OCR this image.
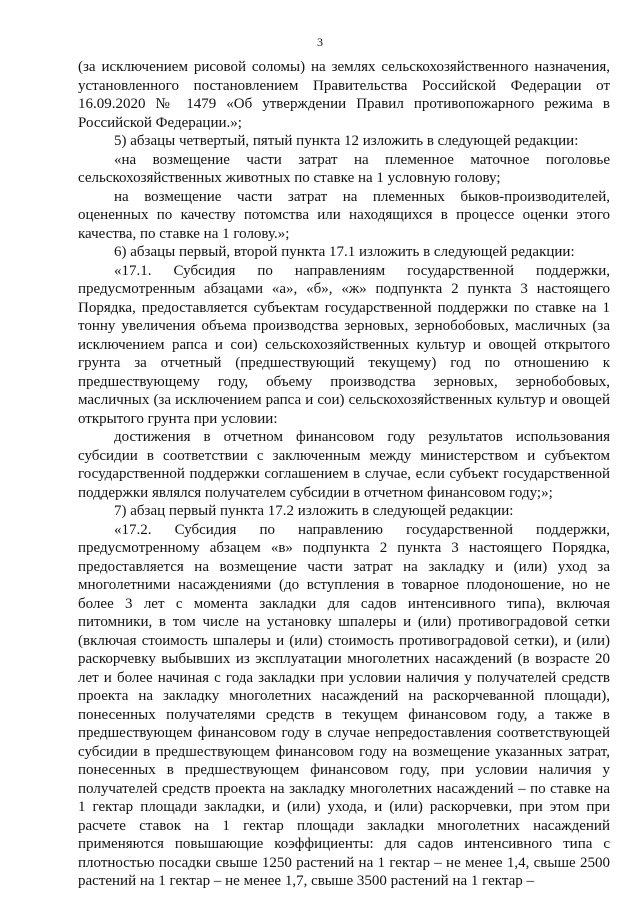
3

(за исключением рисовой соломы) на землях сельскохозяйственного назначения, установленного постановлением Правительства Российской Федерации от 16.09.2020 № 1479 «Об утверждении Правил противопожарного режима в Российской Федерации.»;

5) абзацы четвертый, пятый пункта 12 изложить в следующей редакции:

«на возмещение части затрат на племенное маточное поголовье сельскохозяйственных животных по ставке на 1 условную голову;

на возмещение части затрат на племенных быков-производителей, оцененных по качеству потомства или находящихся в процессе оценки этого качества, по ставке на 1 голову.»;

6) абзацы первый, второй пункта 17.1 изложить в следующей редакции:

«17.1. Субсидия по направлениям государственной поддержки, предусмотренным абзацами «а», «б», «ж» подпункта 2 пункта 3 настоящего Порядка, предоставляется субъектам государственной поддержки по ставке на 1 тонну увеличения объема производства зерновых, зернобобовых, масличных (за исключением рапса и сои) сельскохозяйственных культур и овощей открытого грунта за отчетный (предшествующий текущему) год по отношению к предшествующему году, объему производства зерновых, зернобобовых, масличных (за исключением рапса и сои) сельскохозяйственных культур и овощей открытого грунта при условии:

достижения в отчетном финансовом году результатов использования субсидии в соответствии с заключенным между министерством и субъектом государственной поддержки соглашением в случае, если субъект государственной поддержки являлся получателем субсидии в отчетном финансовом году;»;

7) абзац первый пункта 17.2 изложить в следующей редакции:

«17.2. Субсидия по направлению государственной поддержки, предусмотренному абзацем «в» подпункта 2 пункта 3 настоящего Порядка, предоставляется на возмещение части затрат на закладку и (или) уход за многолетними насаждениями (до вступления в товарное плодоношение, но не более 3 лет с момента закладки для садов интенсивного типа), включая питомники, в том числе на установку шпалеры и (или) противоградовой сетки (включая стоимость шпалеры и (или) стоимость противоградовой сетки), и (или) раскорчевку выбывших из эксплуатации многолетних насаждений (в возрасте 20 лет и более начиная с года закладки при условии наличия у получателей средств проекта на закладку многолетних насаждений на раскорчеванной площади), понесенных получателями средств в текущем финансовом году, а также в предшествующем финансовом году в случае непредоставления соответствующей субсидии в предшествующем финансовом году на возмещение указанных затрат, понесенных в предшествующем финансовом году, при условии наличия у получателей средств проекта на закладку многолетних насаждений – по ставке на 1 гектар площади закладки, и (или) ухода, и (или) раскорчевки, при этом при расчете ставок на 1 гектар площади закладки многолетних насаждений применяются повышающие коэффициенты: для садов интенсивного типа с плотностью посадки свыше 1250 растений на 1 гектар – не менее 1,4, свыше 2500 растений на 1 гектар – не менее 1,7, свыше 3500 растений на 1 гектар –
